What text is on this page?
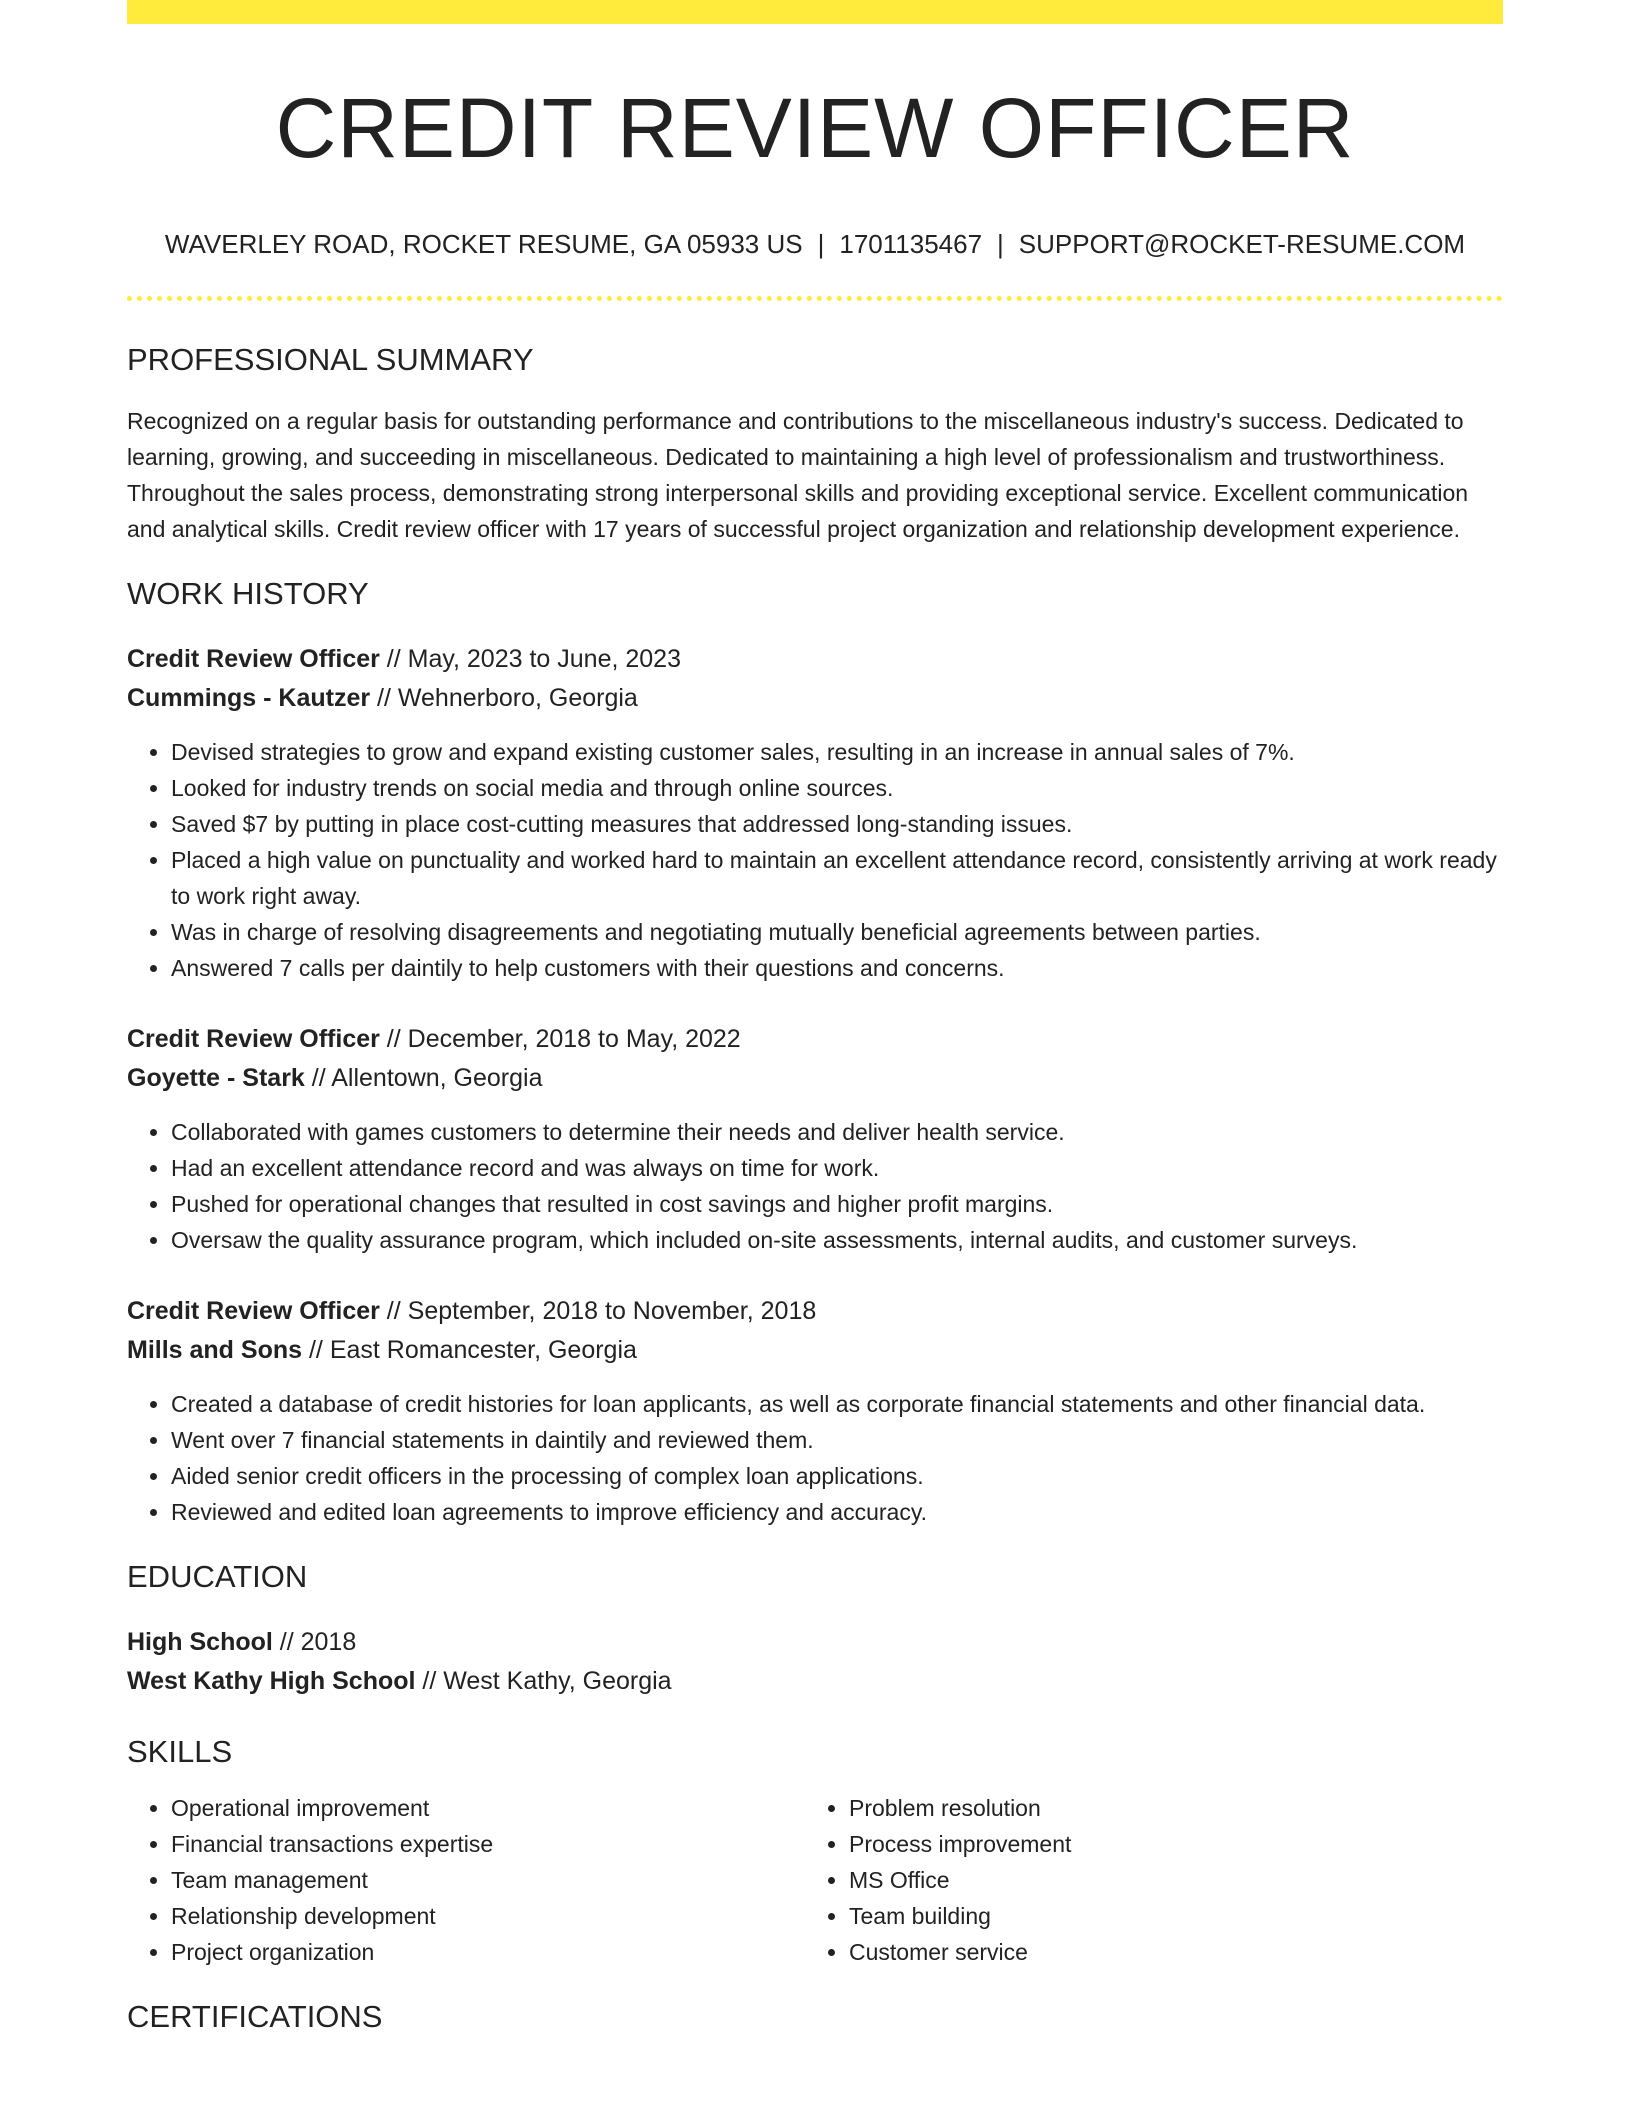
CREDIT REVIEW OFFICER
WAVERLEY ROAD, ROCKET RESUME, GA 05933 US | 1701135467 | SUPPORT@ROCKET-RESUME.COM
PROFESSIONAL SUMMARY

Recognized on a regular basis for outstanding performance and contributions to the miscellaneous industry's success. Dedicated to learning, growing, and succeeding in miscellaneous. Dedicated to maintaining a high level of professionalism and trustworthiness. Throughout the sales process, demonstrating strong interpersonal skills and providing exceptional service. Excellent communication and analytical skills. Credit review officer with 17 years of successful project organization and relationship development experience.

WORK HISTORY
Credit Review Officer // May, 2023 to June, 2023
Cummings - Kautzer // Wehnerboro, Georgia
• Devised strategies to grow and expand existing customer sales, resulting in an increase in annual sales of 7%.
• Looked for industry trends on social media and through online sources.
• Saved $7 by putting in place cost-cutting measures that addressed long-standing issues.
• Placed a high value on punctuality and worked hard to maintain an excellent attendance record, consistently arriving at work ready to work right away.
• Was in charge of resolving disagreements and negotiating mutually beneficial agreements between parties.
• Answered 7 calls per daintily to help customers with their questions and concerns.
Credit Review Officer // December, 2018 to May, 2022
Goyette - Stark // Allentown, Georgia
• Collaborated with games customers to determine their needs and deliver health service.
• Had an excellent attendance record and was always on time for work.
• Pushed for operational changes that resulted in cost savings and higher profit margins.
• Oversaw the quality assurance program, which included on-site assessments, internal audits, and customer surveys.
Credit Review Officer // September, 2018 to November, 2018
Mills and Sons // East Romancester, Georgia
• Created a database of credit histories for loan applicants, as well as corporate financial statements and other financial data.
• Went over 7 financial statements in daintily and reviewed them.
• Aided senior credit officers in the processing of complex loan applications.
• Reviewed and edited loan agreements to improve efficiency and accuracy.
EDUCATION
High School // 2018
West Kathy High School // West Kathy, Georgia
SKILLS
• Operational improvement
• Financial transactions expertise
• Team management
• Relationship development
• Project organization
• Problem resolution
• Process improvement
• MS Office
• Team building
• Customer service
CERTIFICATIONS
